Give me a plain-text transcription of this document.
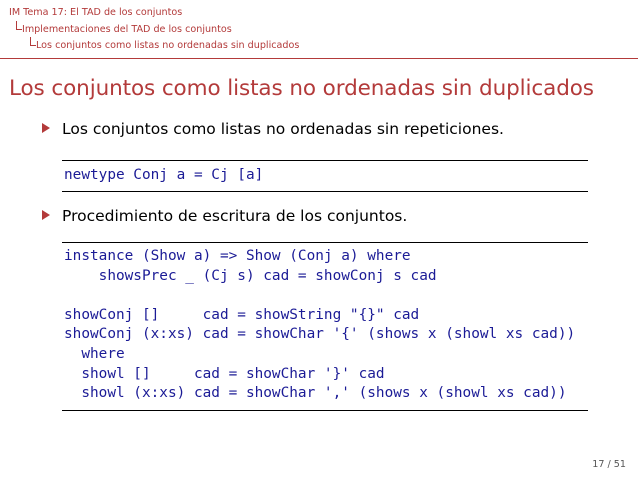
IM Tema 17: El TAD de los conjuntos
Implementaciones del TAD de los conjuntos
Los conjuntos como listas no ordenadas sin duplicados
Los conjuntos como listas no ordenadas sin duplicados
Los conjuntos como listas no ordenadas sin repeticiones.
newtype Conj a = Cj [a]
Procedimiento de escritura de los conjuntos.
instance (Show a) => Show (Conj a) where
showsPrec _ (Cj s) cad = showConj s cad

showConj []     cad = showString "{}" cad
showConj (x:xs) cad = showChar '{' (shows x (showl xs cad))
where
showl []     cad = showChar '}' cad
showl (x:xs) cad = showChar ',' (shows x (showl xs cad))
17 / 51
